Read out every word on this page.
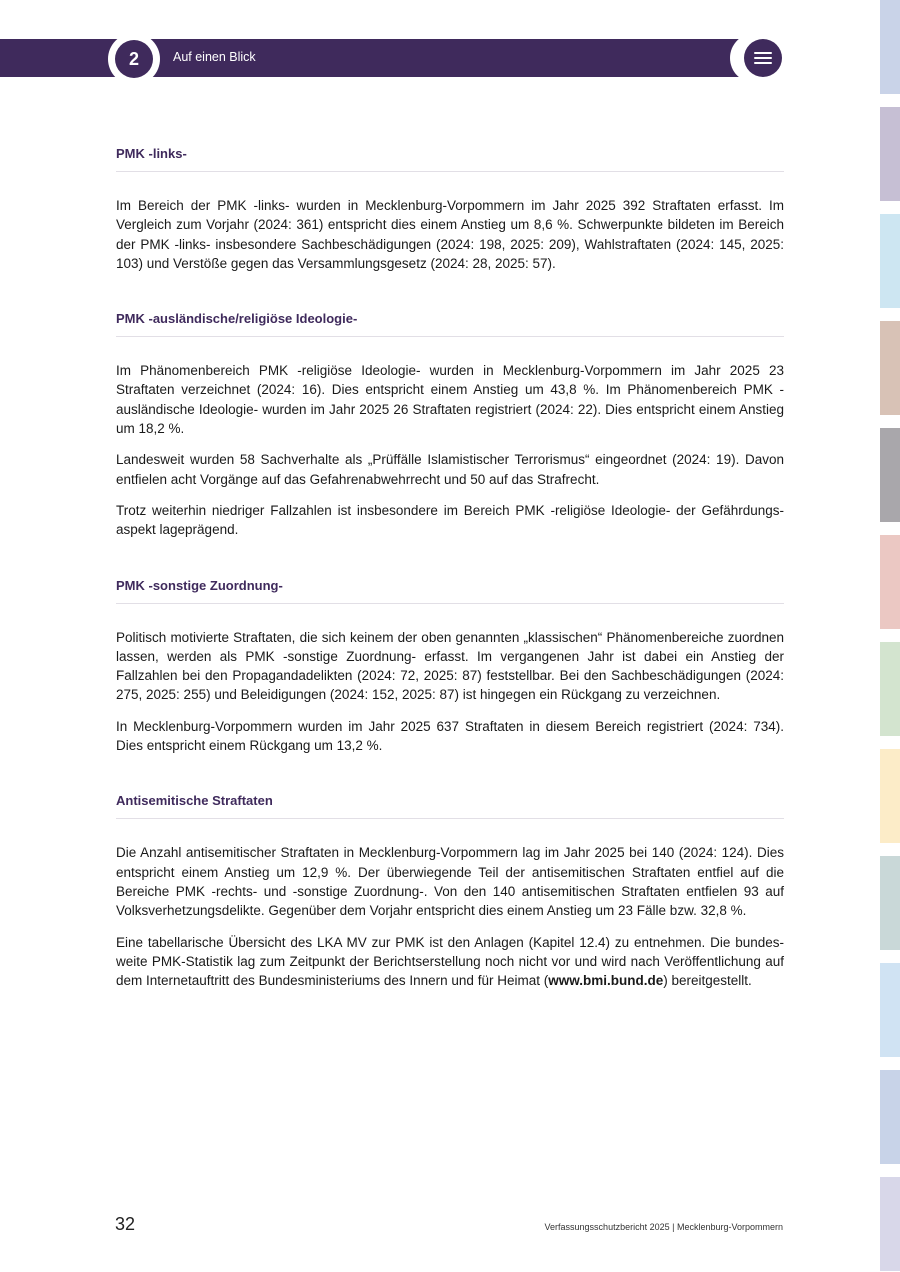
2	Auf einen Blick
PMK -links-

Im Bereich der PMK -links- wurden in Mecklenburg-Vorpommern im Jahr 2025 392 Straftaten erfasst. Im Vergleich zum Vorjahr (2024: 361) entspricht dies einem Anstieg um 8,6 %. Schwerpunkte bildeten im Bereich der PMK -links- insbesondere Sachbeschädigungen (2024: 198, 2025: 209), Wahlstraftaten (2024: 145, 2025: 103) und Verstöße gegen das Versammlungsgesetz (2024: 28, 2025: 57).

PMK -ausländische/religiöse Ideologie-

Im Phänomenbereich PMK -religiöse Ideologie- wurden in Mecklenburg-Vorpommern im Jahr 2025 23 Straftaten verzeichnet (2024: 16). Dies entspricht einem Anstieg um 43,8 %. Im Phänomenbereich PMK -ausländische Ideologie- wurden im Jahr 2025 26 Straftaten registriert (2024: 22). Dies entspricht einem Anstieg um 18,2 %.

Landesweit wurden 58 Sachverhalte als „Prüffälle Islamistischer Terrorismus“ eingeordnet (2024: 19). Davon entfielen acht Vorgänge auf das Gefahrenabwehrrecht und 50 auf das Strafrecht.

Trotz weiterhin niedriger Fallzahlen ist insbesondere im Bereich PMK -religiöse Ideologie- der Gefährdungsaspekt lageprägend.

PMK -sonstige Zuordnung-

Politisch motivierte Straftaten, die sich keinem der oben genannten „klassischen“ Phänomenbereiche zuordnen lassen, werden als PMK -sonstige Zuordnung- erfasst. Im vergangenen Jahr ist dabei ein Anstieg der Fallzahlen bei den Propagandadelikten (2024: 72, 2025: 87) feststellbar. Bei den Sachbeschädigungen (2024: 275, 2025: 255) und Beleidigungen (2024: 152, 2025: 87) ist hingegen ein Rückgang zu verzeichnen.

In Mecklenburg-Vorpommern wurden im Jahr 2025 637 Straftaten in diesem Bereich registriert (2024: 734). Dies entspricht einem Rückgang um 13,2 %.

Antisemitische Straftaten

Die Anzahl antisemitischer Straftaten in Mecklenburg-Vorpommern lag im Jahr 2025 bei 140 (2024: 124). Dies entspricht einem Anstieg um 12,9 %. Der überwiegende Teil der antisemitischen Straftaten entfiel auf die Bereiche PMK -rechts- und -sonstige Zuordnung-. Von den 140 antisemitischen Straftaten entfielen 93 auf Volksverhetzungsdelikte. Gegenüber dem Vorjahr entspricht dies einem Anstieg um 23 Fälle bzw. 32,8 %.

Eine tabellarische Übersicht des LKA MV zur PMK ist den Anlagen (Kapitel 12.4) zu entnehmen. Die bundesweite PMK-Statistik lag zum Zeitpunkt der Berichtserstellung noch nicht vor und wird nach Veröffentlichung auf dem Internetauftritt des Bundesministeriums des Innern und für Heimat (www.bmi.bund.de) bereitgestellt.

32	Verfassungsschutzbericht 2025 | Mecklenburg-Vorpommern
